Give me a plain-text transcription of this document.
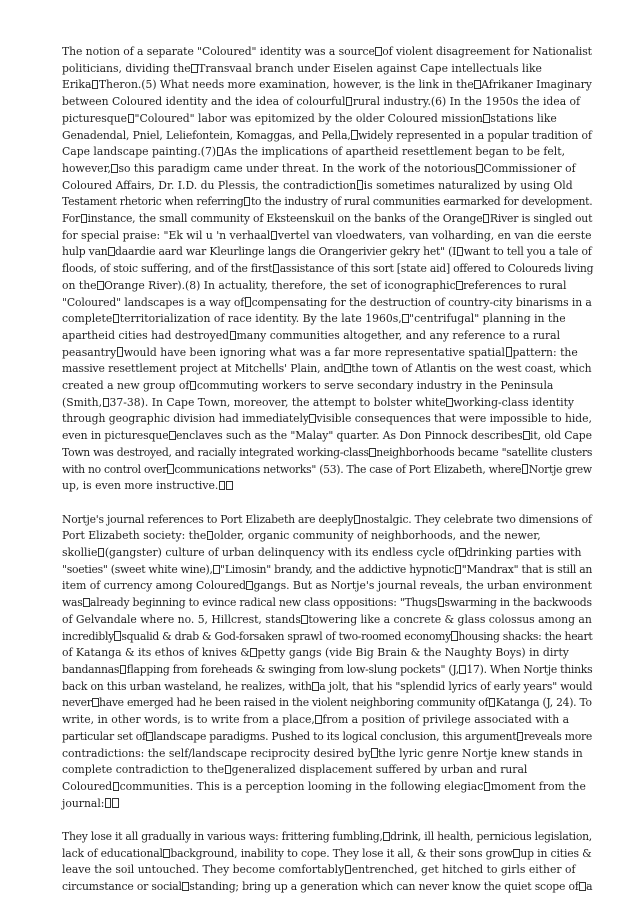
The notion of a separate "Coloured" identity was a source of violent disagreement for Nationalist
politicians, dividing the Transvaal branch under Eiselen against Cape intellectuals like
Erika Theron.(5) What needs more examination, however, is the link in the Afrikaner Imaginary
between Coloured identity and the idea of colourful rural industry.(6) In the 1950s the idea of
picturesque "Coloured" labor was epitomized by the older Coloured mission stations like
Genadendal, Pniel, Leliefontein, Komaggas, and Pella, widely represented in a popular tradition of
Cape landscape painting.(7) As the implications of apartheid resettlement began to be felt,
however, so this paradigm came under threat. In the work of the notorious Commissioner of
Coloured Affairs, Dr. I.D. du Plessis, the contradiction is sometimes naturalized by using Old
Testament rhetoric when referring to the industry of rural communities earmarked for development.
For instance, the small community of Eksteenskuil on the banks of the Orange River is singled out
for special praise: "Ek wil u 'n verhaal vertel van vloedwaters, van volharding, en van die eerste
hulp van daardie aard war Kleurlinge langs die Orangerivier gekry het" (I want to tell you a tale of
floods, of stoic suffering, and of the first assistance of this sort [state aid] offered to Coloureds living
on the Orange River).(8) In actuality, therefore, the set of iconographic references to rural
"Coloured" landscapes is a way of compensating for the destruction of country-city binarisms in a
complete territorialization of race identity. By the late 1960s, "centrifugal" planning in the
apartheid cities had destroyed many communities altogether, and any reference to a rural
peasantry would have been ignoring what was a far more representative spatial pattern: the
massive resettlement project at Mitchells' Plain, and the town of Atlantis on the west coast, which
created a new group of commuting workers to serve secondary industry in the Peninsula
(Smith, 37-38). In Cape Town, moreover, the attempt to bolster white working-class identity
through geographic division had immediately visible consequences that were impossible to hide,
even in picturesque enclaves such as the "Malay" quarter. As Don Pinnock describes it, old Cape
Town was destroyed, and racially integrated working-class neighborhoods became "satellite clusters
with no control over communications networks" (53). The case of Port Elizabeth, where Nortje grew
up, is even more instructive.
Nortje's journal references to Port Elizabeth are deeply nostalgic. They celebrate two dimensions of
Port Elizabeth society: the older, organic community of neighborhoods, and the newer,
skollie (gangster) culture of urban delinquency with its endless cycle of drinking parties with
"soeties" (sweet white wine), "Limosin" brandy, and the addictive hypnotic "Mandrax" that is still an
item of currency among Coloured gangs. But as Nortje's journal reveals, the urban environment
was already beginning to evince radical new class oppositions: "Thugs swarming in the backwoods
of Gelvandale where no. 5, Hillcrest, stands towering like a concrete & glass colossus among an
incredibly squalid & drab & God-forsaken sprawl of two-roomed economy housing shacks: the heart
of Katanga & its ethos of knives & petty gangs (vide Big Brain & the Naughty Boys) in dirty
bandannas flapping from foreheads & swinging from low-slung pockets" (J, 17). When Nortje thinks
back on this urban wasteland, he realizes, with a jolt, that his "splendid lyrics of early years" would
never have emerged had he been raised in the violent neighboring community of Katanga (J, 24). To
write, in other words, is to write from a place, from a position of privilege associated with a
particular set of landscape paradigms. Pushed to its logical conclusion, this argument reveals more
contradictions: the self/landscape reciprocity desired by the lyric genre Nortje knew stands in
complete contradiction to the generalized displacement suffered by urban and rural
Coloured communities. This is a perception looming in the following elegiac moment from the
journal:
They lose it all gradually in various ways: frittering fumbling, drink, ill health, pernicious legislation,
lack of educational background, inability to cope. They lose it all, & their sons grow up in cities &
leave the soil untouched. They become comfortably entrenched, get hitched to girls either of
circumstance or social standing; bring up a generation which can never know the quiet scope of a
